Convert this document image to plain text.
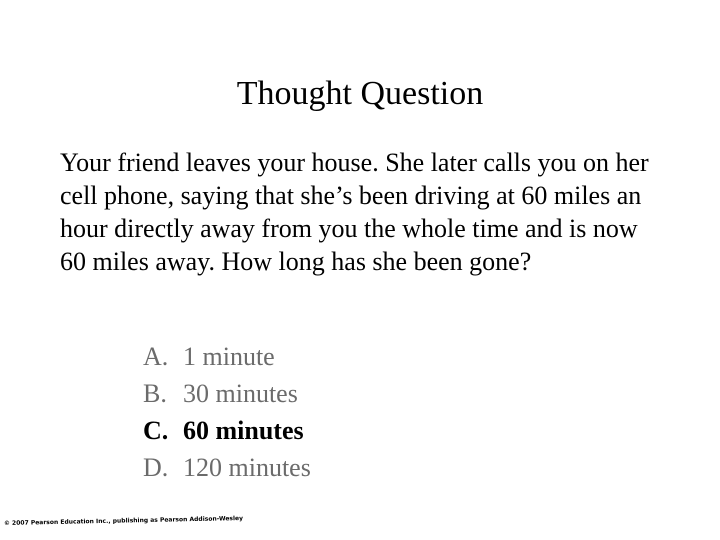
Thought Question

Your friend leaves your house. She later calls you on her cell phone, saying that she’s been driving at 60 miles an hour directly away from you the whole time and is now 60 miles away. How long has she been gone?

A. 1 minute
B. 30 minutes
C. 60 minutes
D. 120 minutes
© 2007 Pearson Education Inc., publishing as Pearson Addison-Wesley
